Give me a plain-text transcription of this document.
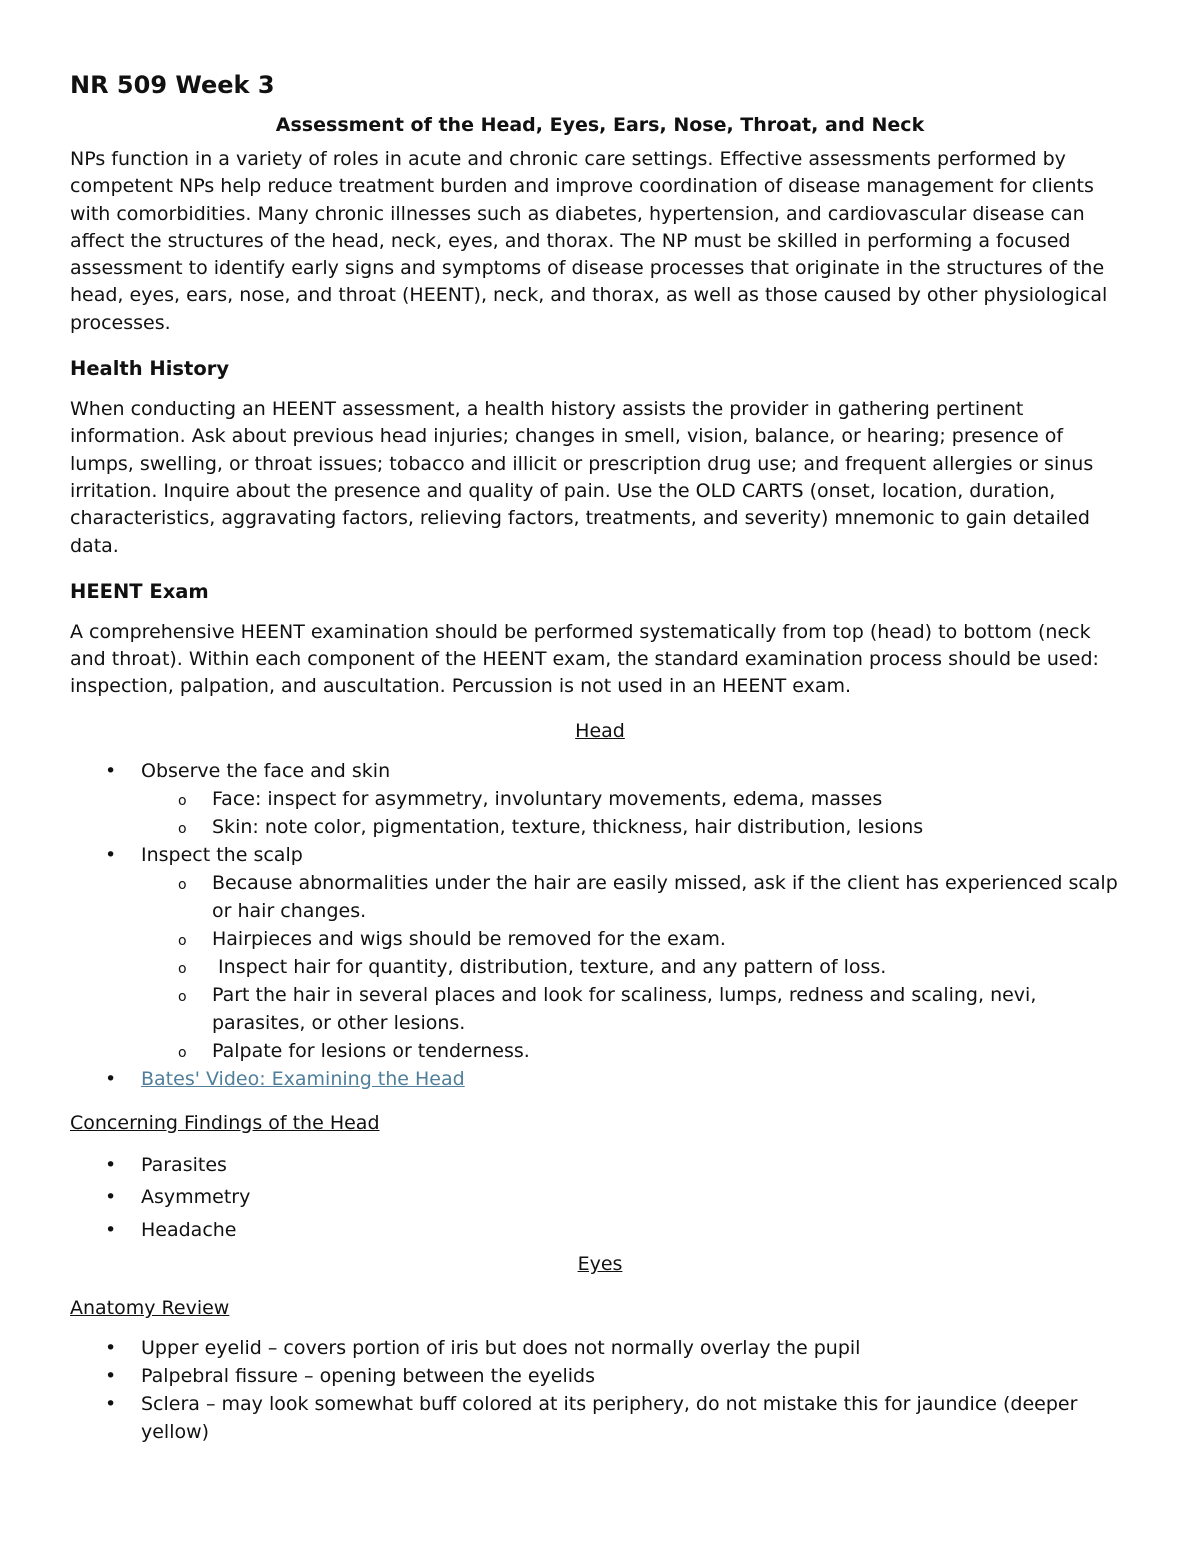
NR 509 Week 3
Assessment of the Head, Eyes, Ears, Nose, Throat, and Neck

NPs function in a variety of roles in acute and chronic care settings. Effective assessments performed by competent NPs help reduce treatment burden and improve coordination of disease management for clients with comorbidities. Many chronic illnesses such as diabetes, hypertension, and cardiovascular disease can affect the structures of the head, neck, eyes, and thorax. The NP must be skilled in performing a focused assessment to identify early signs and symptoms of disease processes that originate in the structures of the head, eyes, ears, nose, and throat (HEENT), neck, and thorax, as well as those caused by other physiological processes.

Health History

When conducting an HEENT assessment, a health history assists the provider in gathering pertinent information. Ask about previous head injuries; changes in smell, vision, balance, or hearing; presence of lumps, swelling, or throat issues; tobacco and illicit or prescription drug use; and frequent allergies or sinus irritation. Inquire about the presence and quality of pain. Use the OLD CARTS (onset, location, duration, characteristics, aggravating factors, relieving factors, treatments, and severity) mnemonic to gain detailed data.

HEENT Exam

A comprehensive HEENT examination should be performed systematically from top (head) to bottom (neck and throat). Within each component of the HEENT exam, the standard examination process should be used: inspection, palpation, and auscultation. Percussion is not used in an HEENT exam.

Head
• Observe the face and skin
o Face: inspect for asymmetry, involuntary movements, edema, masses
o Skin: note color, pigmentation, texture, thickness, hair distribution, lesions
• Inspect the scalp
o Because abnormalities under the hair are easily missed, ask if the client has experienced scalp or hair changes.
o Hairpieces and wigs should be removed for the exam.
o Inspect hair for quantity, distribution, texture, and any pattern of loss.
o Part the hair in several places and look for scaliness, lumps, redness and scaling, nevi, parasites, or other lesions.
o Palpate for lesions or tenderness.
• Bates' Video: Examining the Head
Concerning Findings of the Head
• Parasites
• Asymmetry
• Headache
Eyes
Anatomy Review
• Upper eyelid – covers portion of iris but does not normally overlay the pupil
• Palpebral fissure – opening between the eyelids
• Sclera – may look somewhat buff colored at its periphery, do not mistake this for jaundice (deeper yellow)
